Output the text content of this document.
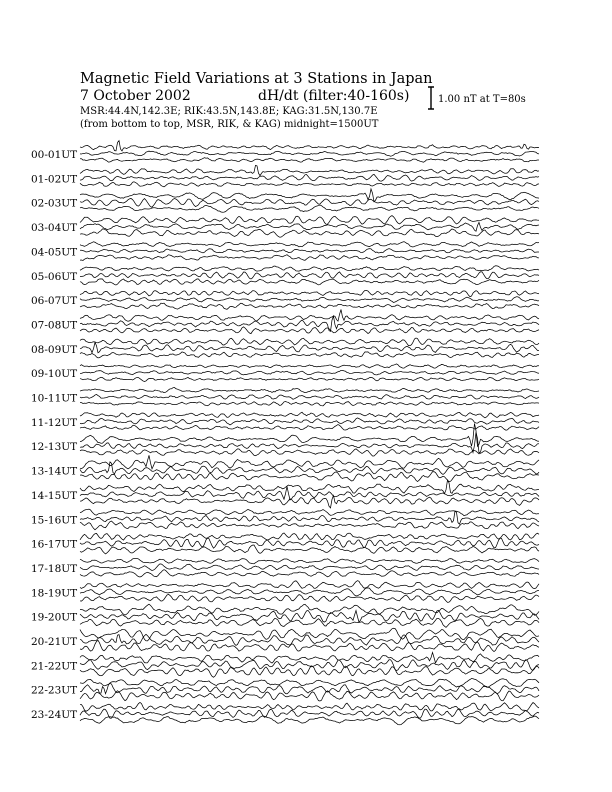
Magnetic Field Variations at 3 Stations in Japan
7 October 2002	dH/dt (filter:40-160s)
MSR:44.4N,142.3E; RIK:43.5N,143.8E; KAG:31.5N,130.7E
(from bottom to top, MSR, RIK, & KAG) midnight=1500UT
1.00 nT at T=80s
00-01UT
01-02UT
02-03UT
03-04UT
04-05UT
05-06UT
06-07UT
07-08UT
08-09UT
09-10UT
10-11UT
11-12UT
12-13UT
13-14UT
14-15UT
15-16UT
16-17UT
17-18UT
18-19UT
19-20UT
20-21UT
21-22UT
22-23UT
23-24UT
